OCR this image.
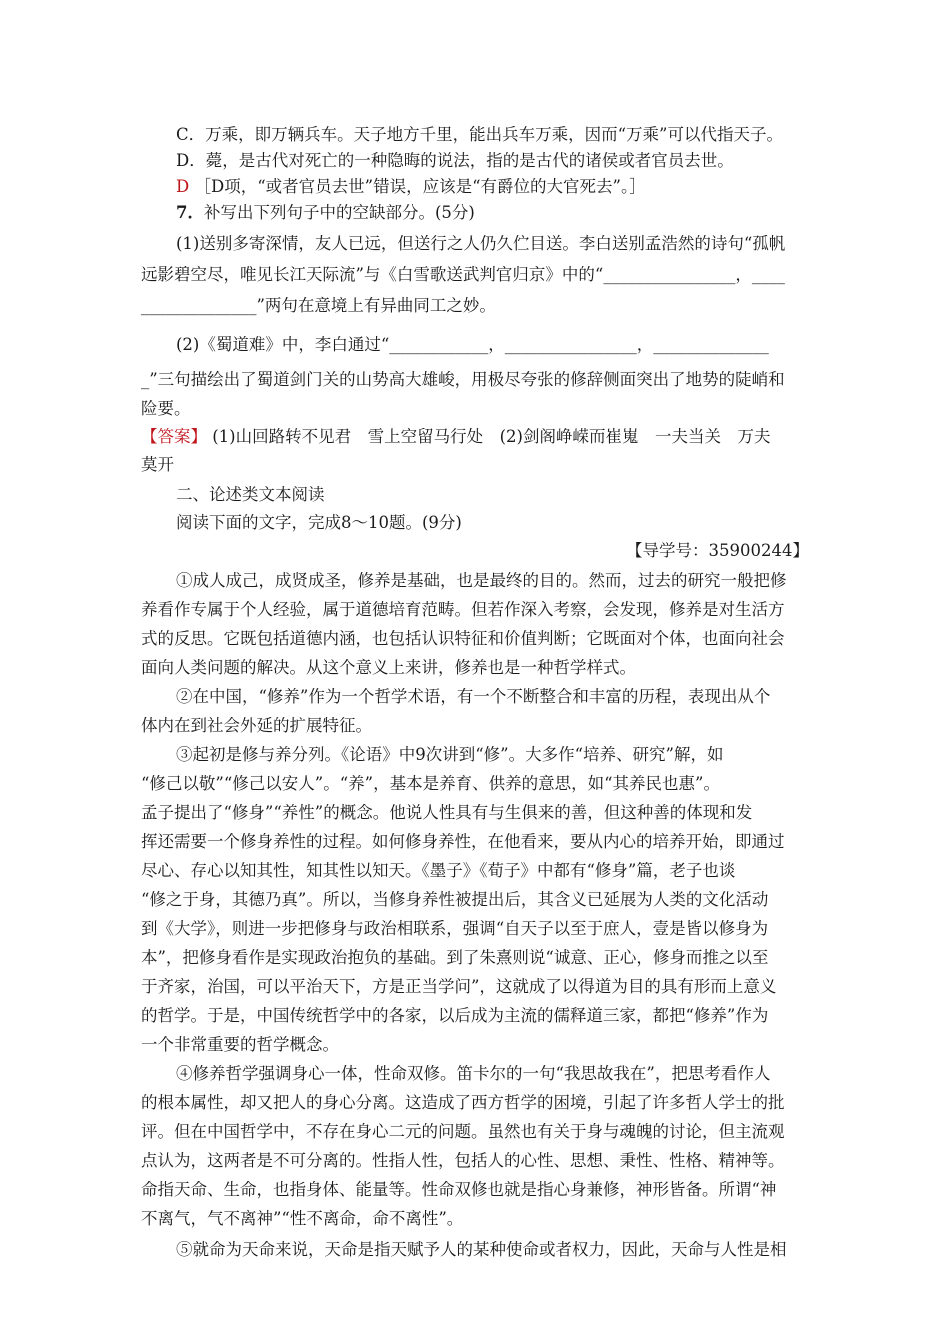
C．万乘，即万辆兵车。天子地方千里，能出兵车万乘，因而“万乘”可以代指天子。
D．薨，是古代对死亡的一种隐晦的说法，指的是古代的诸侯或者官员去世。
D ［D项，“或者官员去世”错误，应该是“有爵位的大官死去”。］
7．补写出下列句子中的空缺部分。(5分)
(1)送别多寄深情，友人已远，但送行之人仍久伫目送。李白送别孟浩然的诗句“孤帆
远影碧空尽，唯见长江天际流”与《白雪歌送武判官归京》中的“________________，____
______________”两句在意境上有异曲同工之妙。
(2)《蜀道难》中，李白通过“____________，________________，______________
_”三句描绘出了蜀道剑门关的山势高大雄峻，用极尽夸张的修辞侧面突出了地势的陡峭和
险要。
【答案】 (1)山回路转不见君　雪上空留马行处　(2)剑阁峥嵘而崔嵬　一夫当关　万夫
莫开
二、论述类文本阅读
阅读下面的文字，完成8～10题。(9分)
【导学号：35900244】
①成人成己，成贤成圣，修养是基础，也是最终的目的。然而，过去的研究一般把修
养看作专属于个人经验，属于道德培育范畴。但若作深入考察，会发现，修养是对生活方
式的反思。它既包括道德内涵，也包括认识特征和价值判断；它既面对个体，也面向社会
面向人类问题的解决。从这个意义上来讲，修养也是一种哲学样式。
②在中国，“修养”作为一个哲学术语，有一个不断整合和丰富的历程，表现出从个
体内在到社会外延的扩展特征。
③起初是修与养分列。《论语》中9次讲到“修”。大多作“培养、研究”解，如
“修己以敬”“修己以安人”。“养”，基本是养育、供养的意思，如“其养民也惠”。
孟子提出了“修身”“养性”的概念。他说人性具有与生俱来的善，但这种善的体现和发
挥还需要一个修身养性的过程。如何修身养性，在他看来，要从内心的培养开始，即通过
尽心、存心以知其性，知其性以知天。《墨子》《荀子》中都有“修身”篇，老子也谈
“修之于身，其德乃真”。所以，当修身养性被提出后，其含义已延展为人类的文化活动
到《大学》，则进一步把修身与政治相联系，强调“自天子以至于庶人，壹是皆以修身为
本”，把修身看作是实现政治抱负的基础。到了朱熹则说“诚意、正心，修身而推之以至
于齐家，治国，可以平治天下，方是正当学问”，这就成了以得道为目的具有形而上意义
的哲学。于是，中国传统哲学中的各家，以后成为主流的儒释道三家，都把“修养”作为
一个非常重要的哲学概念。
④修养哲学强调身心一体，性命双修。笛卡尔的一句“我思故我在”，把思考看作人
的根本属性，却又把人的身心分离。这造成了西方哲学的困境，引起了许多哲人学士的批
评。但在中国哲学中，不存在身心二元的问题。虽然也有关于身与魂魄的讨论，但主流观
点认为，这两者是不可分离的。性指人性，包括人的心性、思想、秉性、性格、精神等。
命指天命、生命，也指身体、能量等。性命双修也就是指心身兼修，神形皆备。所谓“神
不离气，气不离神”“性不离命，命不离性”。
⑤就命为天命来说，天命是指天赋予人的某种使命或者权力，因此，天命与人性是相
